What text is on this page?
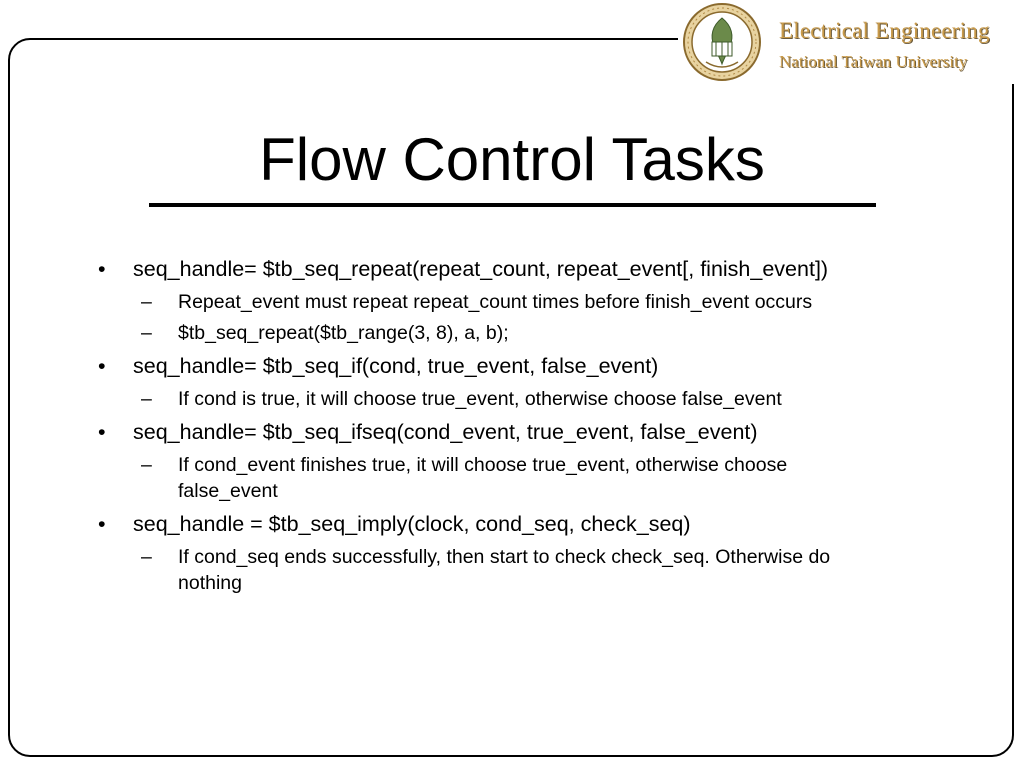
Electrical Engineering
National Taiwan University
Flow Control Tasks
• seq_handle= $tb_seq_repeat(repeat_count, repeat_event[, finish_event])
–	Repeat_event must repeat repeat_count times before finish_event occurs
–	$tb_seq_repeat($tb_range(3, 8), a, b);
• seq_handle= $tb_seq_if(cond, true_event, false_event)
–	If cond is true, it will choose true_event, otherwise choose false_event
• seq_handle= $tb_seq_ifseq(cond_event, true_event, false_event)
–	If cond_event finishes true, it will choose true_event, otherwise choose false_event
• seq_handle = $tb_seq_imply(clock, cond_seq, check_seq)
–	If cond_seq ends successfully, then start to check check_seq. Otherwise do nothing
